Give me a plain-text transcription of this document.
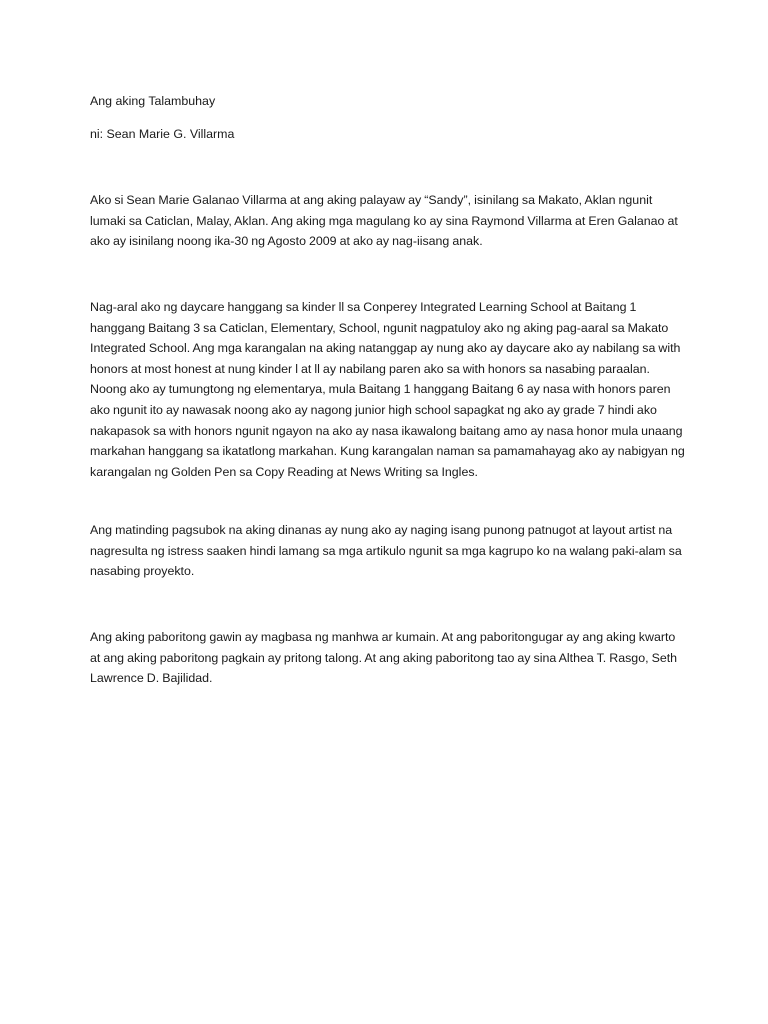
Ang aking Talambuhay

ni: Sean Marie G. Villarma

Ako si Sean Marie Galanao Villarma at ang aking palayaw ay “Sandy”, isinilang sa Makato, Aklan ngunit lumaki sa Caticlan, Malay, Aklan. Ang aking mga magulang ko ay sina Raymond Villarma at Eren Galanao at ako ay isinilang noong ika-30 ng Agosto 2009 at ako ay nag-iisang anak.

Nag-aral ako ng daycare hanggang sa kinder ll sa Conperey Integrated Learning School at Baitang 1 hanggang Baitang 3 sa Caticlan, Elementary, School, ngunit nagpatuloy ako ng aking pag-aaral sa Makato Integrated School. Ang mga karangalan na aking natanggap ay nung ako ay daycare ako ay nabilang sa with honors at most honest at nung kinder l at ll ay nabilang paren ako sa with honors sa nasabing paraalan. Noong ako ay tumungtong ng elementarya, mula Baitang 1 hanggang Baitang 6 ay nasa with honors paren ako ngunit ito ay nawasak noong ako ay nagong junior high school sapagkat ng ako ay grade 7 hindi ako nakapasok sa with honors ngunit ngayon na ako ay nasa ikawalong baitang amo ay nasa honor mula unaang markahan hanggang sa ikatatlong markahan. Kung karangalan naman sa pamamahayag ako ay nabigyan ng karangalan ng Golden Pen sa Copy Reading at News Writing sa Ingles.

Ang matinding pagsubok na aking dinanas ay nung ako ay naging isang punong patnugot at layout artist na nagresulta ng istress saaken hindi lamang sa mga artikulo ngunit sa mga kagrupo ko na walang paki-alam sa nasabing proyekto.

Ang aking paboritong gawin ay magbasa ng manhwa ar kumain. At ang paboritongugar ay ang aking kwarto at ang aking paboritong pagkain ay pritong talong. At ang aking paboritong tao ay sina Althea T. Rasgo, Seth Lawrence D. Bajilidad.
